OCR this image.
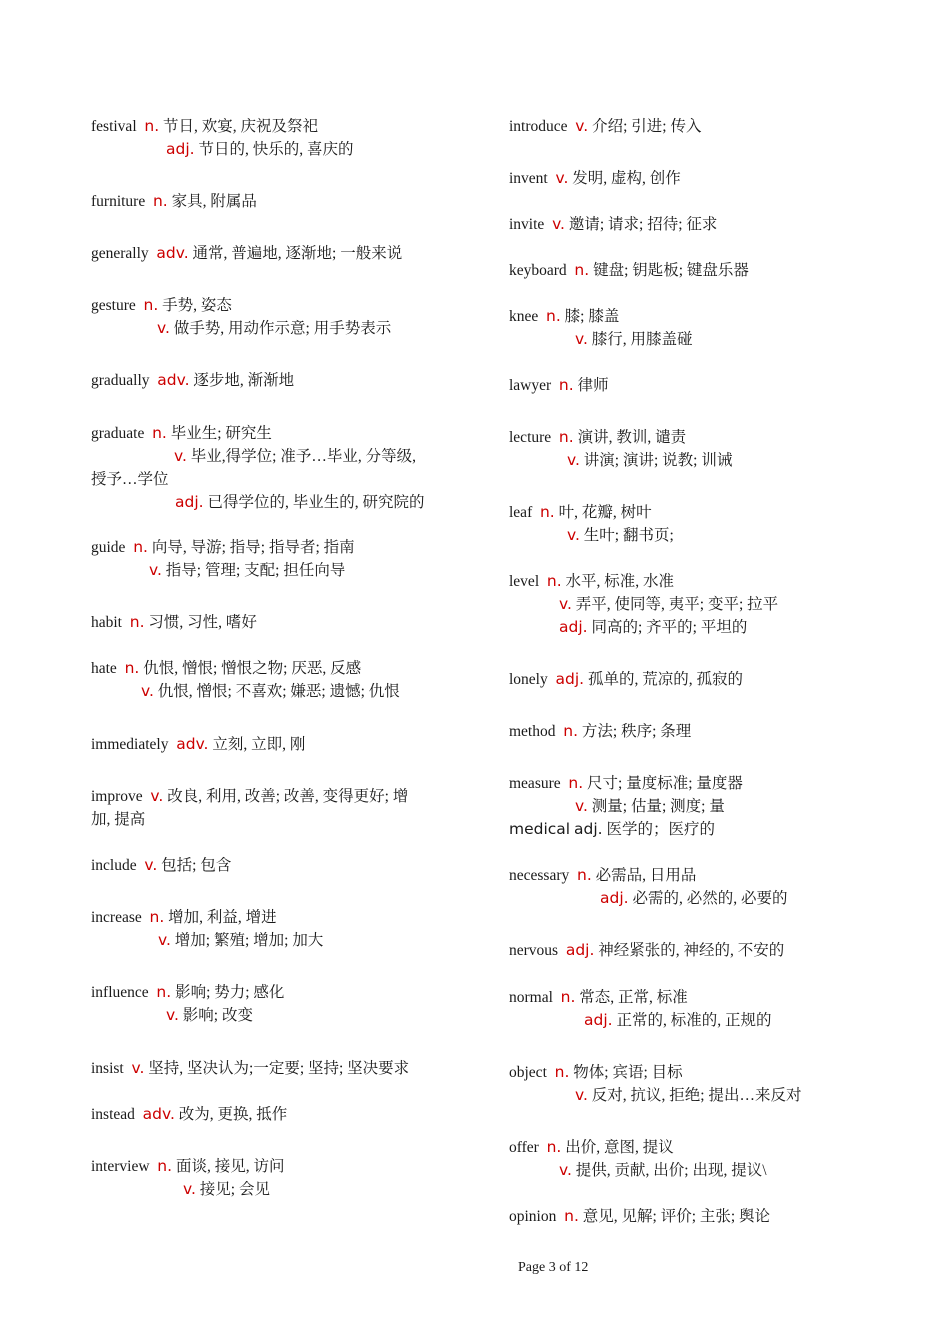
festival n. 节日, 欢宴, 庆祝及祭祀
adj. 节日的, 快乐的, 喜庆的
furniture n. 家具, 附属品
generally adv. 通常, 普遍地, 逐渐地; 一般来说
gesture n. 手势, 姿态
v. 做手势, 用动作示意; 用手势表示
gradually adv. 逐步地, 渐渐地
graduate n. 毕业生; 研究生
v. 毕业,得学位; 准予…毕业, 分等级,
授予…学位
adj. 已得学位的, 毕业生的, 研究院的
guide n. 向导, 导游; 指导; 指导者; 指南
v. 指导; 管理; 支配; 担任向导
habit n. 习惯, 习性, 嗜好
hate n. 仇恨, 憎恨; 憎恨之物; 厌恶, 反感
v. 仇恨, 憎恨; 不喜欢; 嫌恶; 遗憾; 仇恨
immediately adv. 立刻, 立即, 刚
improve v. 改良, 利用, 改善; 改善, 变得更好; 增
加, 提高
include v. 包括; 包含
increase n. 增加, 利益, 增进
v. 增加; 繁殖; 增加; 加大
influence n. 影响; 势力; 感化
v. 影响; 改变
insist v. 坚持, 坚决认为;一定要; 坚持; 坚决要求
instead adv. 改为, 更换, 抵作
interview n. 面谈, 接见, 访问
v. 接见; 会见
introduce v. 介绍; 引进; 传入
invent v. 发明, 虚构, 创作
invite v. 邀请; 请求; 招待; 征求
keyboard n. 键盘; 钥匙板; 键盘乐器
knee n. 膝; 膝盖
v. 膝行, 用膝盖碰
lawyer n. 律师
lecture n. 演讲, 教训, 谴责
v. 讲演; 演讲; 说教; 训诫
leaf n. 叶, 花瓣, 树叶
v. 生叶; 翻书页;
level n. 水平, 标准, 水准
v. 弄平, 使同等, 夷平; 变平; 拉平
adj. 同高的; 齐平的; 平坦的
lonely adj. 孤单的, 荒凉的, 孤寂的
method n. 方法; 秩序; 条理
measure n. 尺寸; 量度标准; 量度器
v. 测量; 估量; 测度; 量
medical adj. 医学的；医疗的
necessary n. 必需品, 日用品
adj. 必需的, 必然的, 必要的
nervous adj. 神经紧张的, 神经的, 不安的
normal n. 常态, 正常, 标准
adj. 正常的, 标准的, 正规的
object n. 物体; 宾语; 目标
v. 反对, 抗议, 拒绝; 提出…来反对
offer n. 出价, 意图, 提议
v. 提供, 贡献, 出价; 出现, 提议\
opinion n. 意见, 见解; 评价; 主张; 舆论
Page 3 of 12
